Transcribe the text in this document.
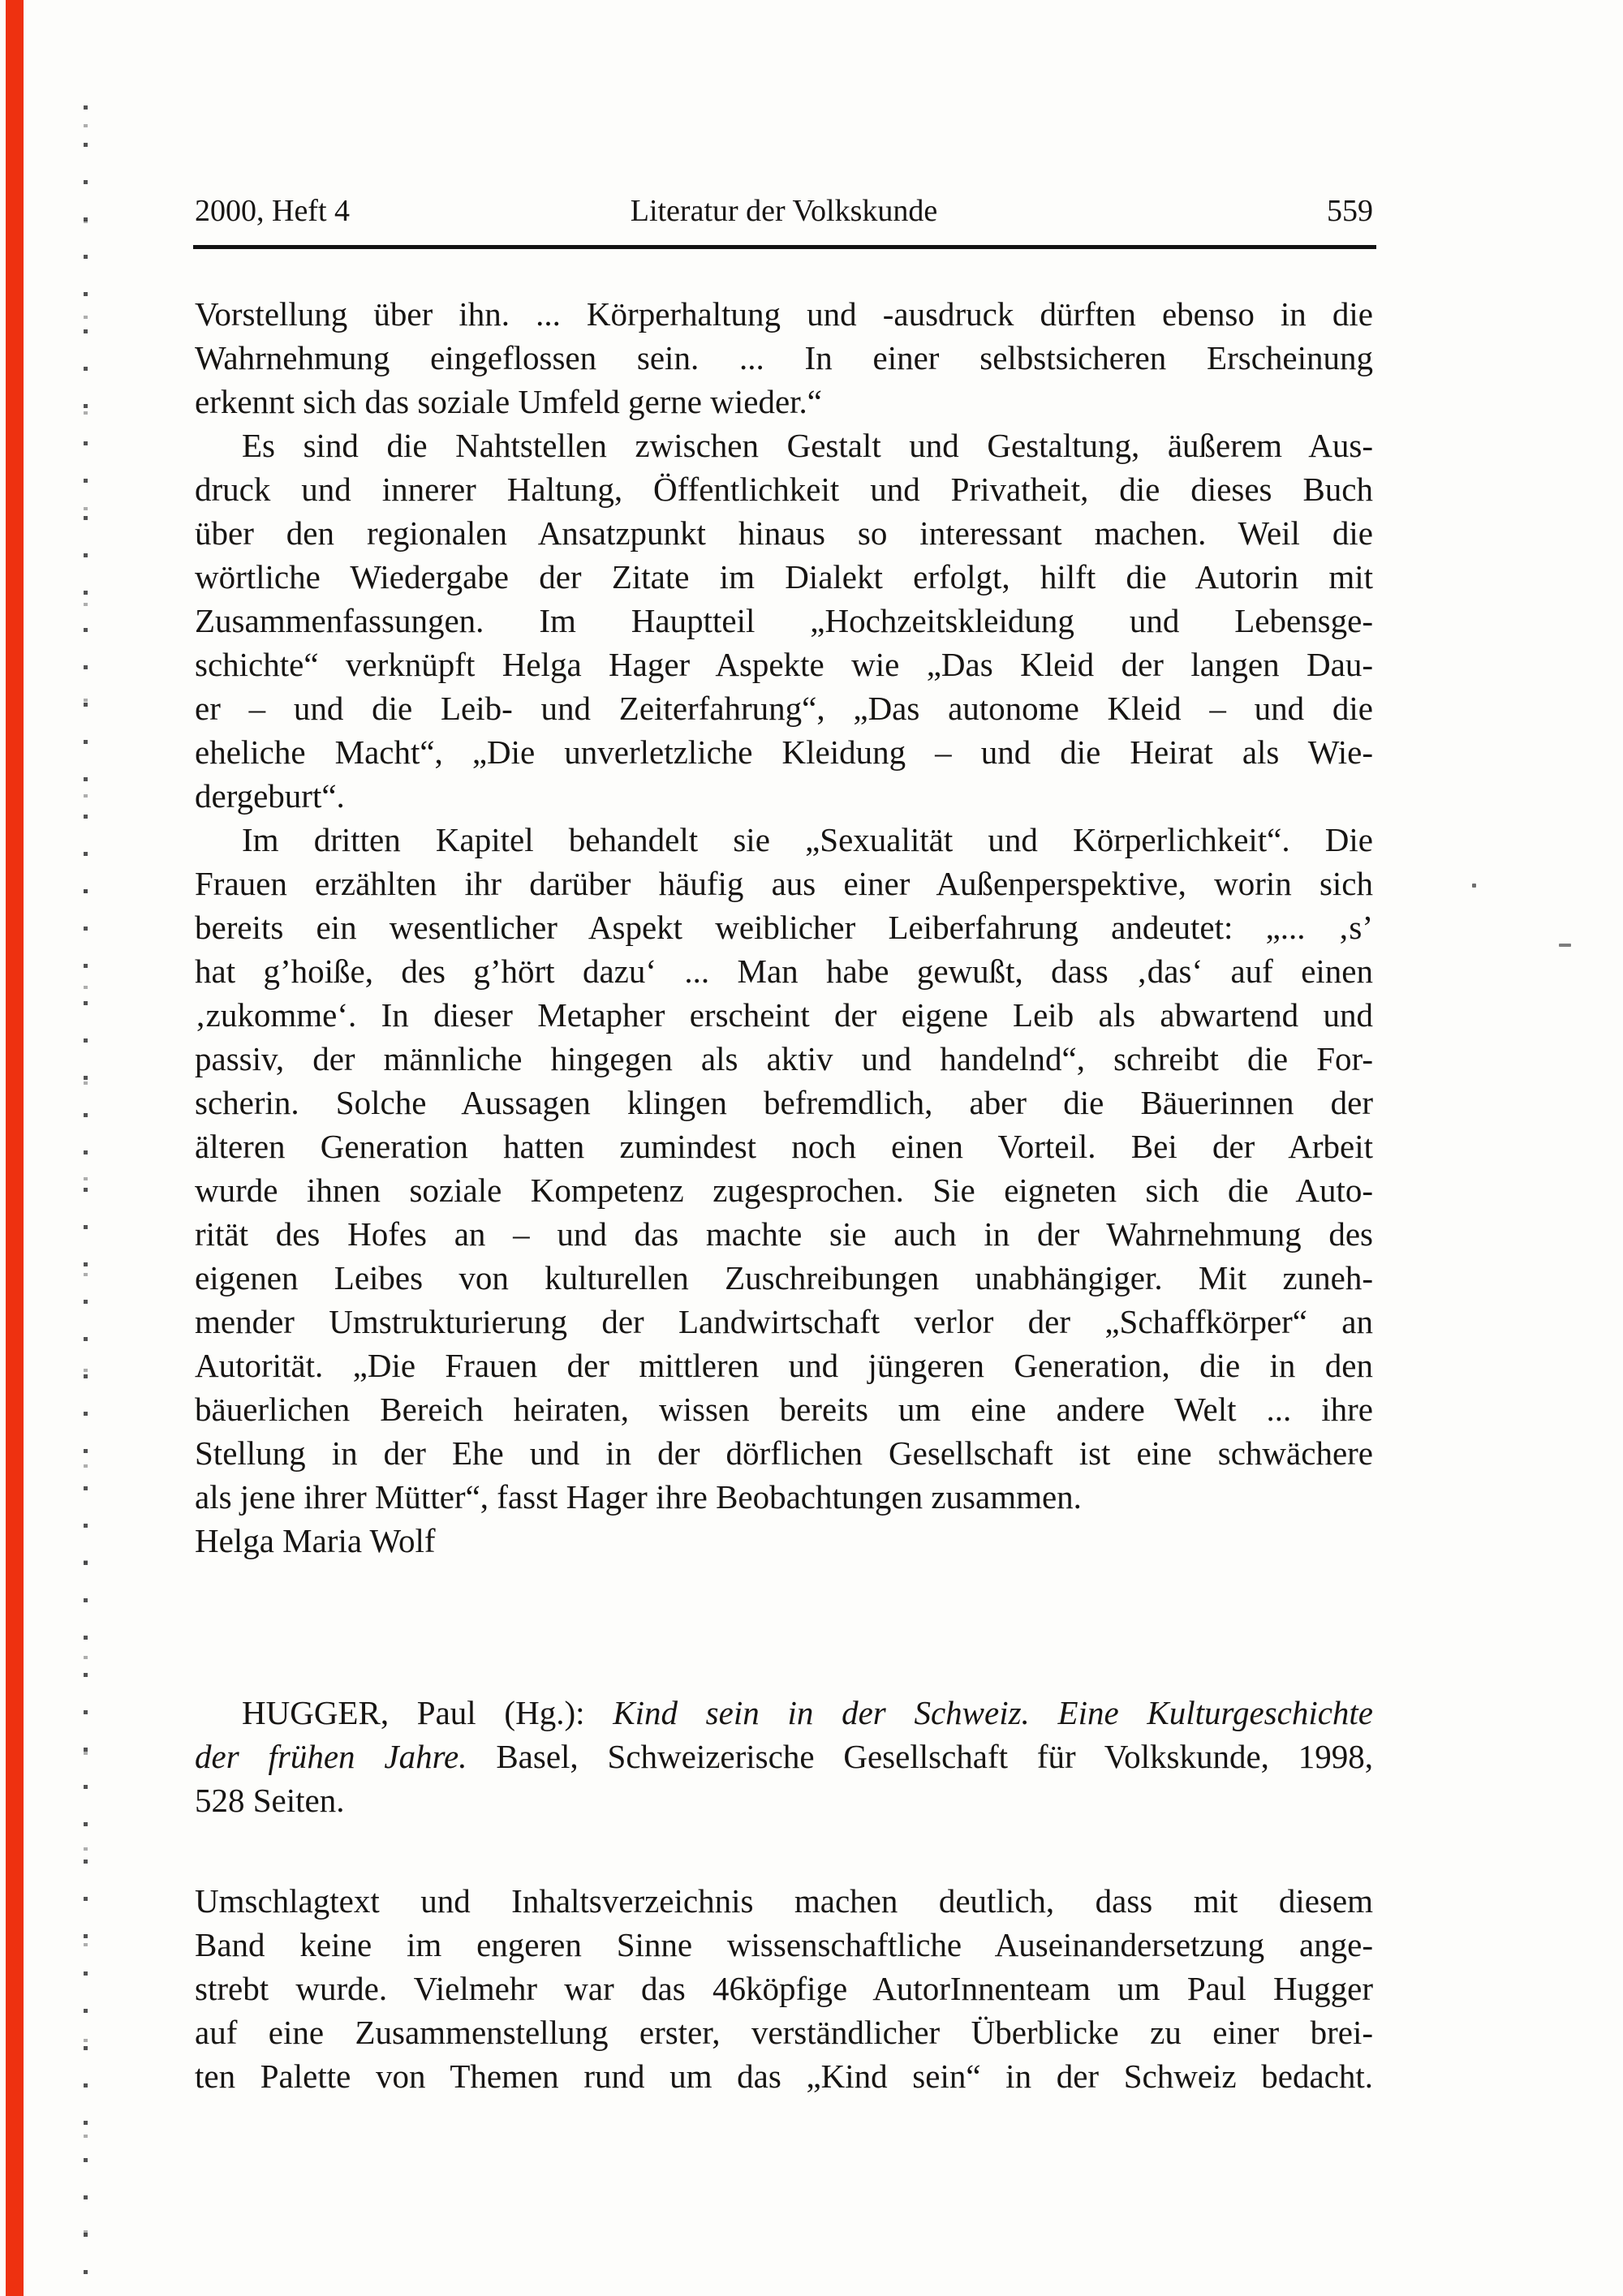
2000, Heft 4	Literatur der Volkskunde	559
Vorstellung über ihn. ... Körperhaltung und -ausdruck dürften ebenso in die
Wahrnehmung eingeflossen sein. ... In einer selbstsicheren Erscheinung
erkennt sich das soziale Umfeld gerne wieder.“
Es sind die Nahtstellen zwischen Gestalt und Gestaltung, äußerem Aus-
druck und innerer Haltung, Öffentlichkeit und Privatheit, die dieses Buch
über den regionalen Ansatzpunkt hinaus so interessant machen. Weil die
wörtliche Wiedergabe der Zitate im Dialekt erfolgt, hilft die Autorin mit
Zusammenfassungen. Im Hauptteil „Hochzeitskleidung und Lebensge-
schichte“ verknüpft Helga Hager Aspekte wie „Das Kleid der langen Dau-
er – und die Leib- und Zeiterfahrung“, „Das autonome Kleid – und die
eheliche Macht“, „Die unverletzliche Kleidung – und die Heirat als Wie-
dergeburt“.
Im dritten Kapitel behandelt sie „Sexualität und Körperlichkeit“. Die
Frauen erzählten ihr darüber häufig aus einer Außenperspektive, worin sich
bereits ein wesentlicher Aspekt weiblicher Leiberfahrung andeutet: „... ‚s’
hat g’hoiße, des g’hört dazu‘ ... Man habe gewußt, dass ‚das‘ auf einen
‚zukomme‘. In dieser Metapher erscheint der eigene Leib als abwartend und
passiv, der männliche hingegen als aktiv und handelnd“, schreibt die For-
scherin. Solche Aussagen klingen befremdlich, aber die Bäuerinnen der
älteren Generation hatten zumindest noch einen Vorteil. Bei der Arbeit
wurde ihnen soziale Kompetenz zugesprochen. Sie eigneten sich die Auto-
rität des Hofes an – und das machte sie auch in der Wahrnehmung des
eigenen Leibes von kulturellen Zuschreibungen unabhängiger. Mit zuneh-
mender Umstrukturierung der Landwirtschaft verlor der „Schaffkörper“ an
Autorität. „Die Frauen der mittleren und jüngeren Generation, die in den
bäuerlichen Bereich heiraten, wissen bereits um eine andere Welt ... ihre
Stellung in der Ehe und in der dörflichen Gesellschaft ist eine schwächere
als jene ihrer Mütter“, fasst Hager ihre Beobachtungen zusammen.
Helga Maria Wolf
HUGGER, Paul (Hg.): Kind sein in der Schweiz. Eine Kulturgeschichte
der frühen Jahre. Basel, Schweizerische Gesellschaft für Volkskunde, 1998,
528 Seiten.
Umschlagtext und Inhaltsverzeichnis machen deutlich, dass mit diesem
Band keine im engeren Sinne wissenschaftliche Auseinandersetzung ange-
strebt wurde. Vielmehr war das 46köpfige AutorInnenteam um Paul Hugger
auf eine Zusammenstellung erster, verständlicher Überblicke zu einer brei-
ten Palette von Themen rund um das „Kind sein“ in der Schweiz bedacht.
